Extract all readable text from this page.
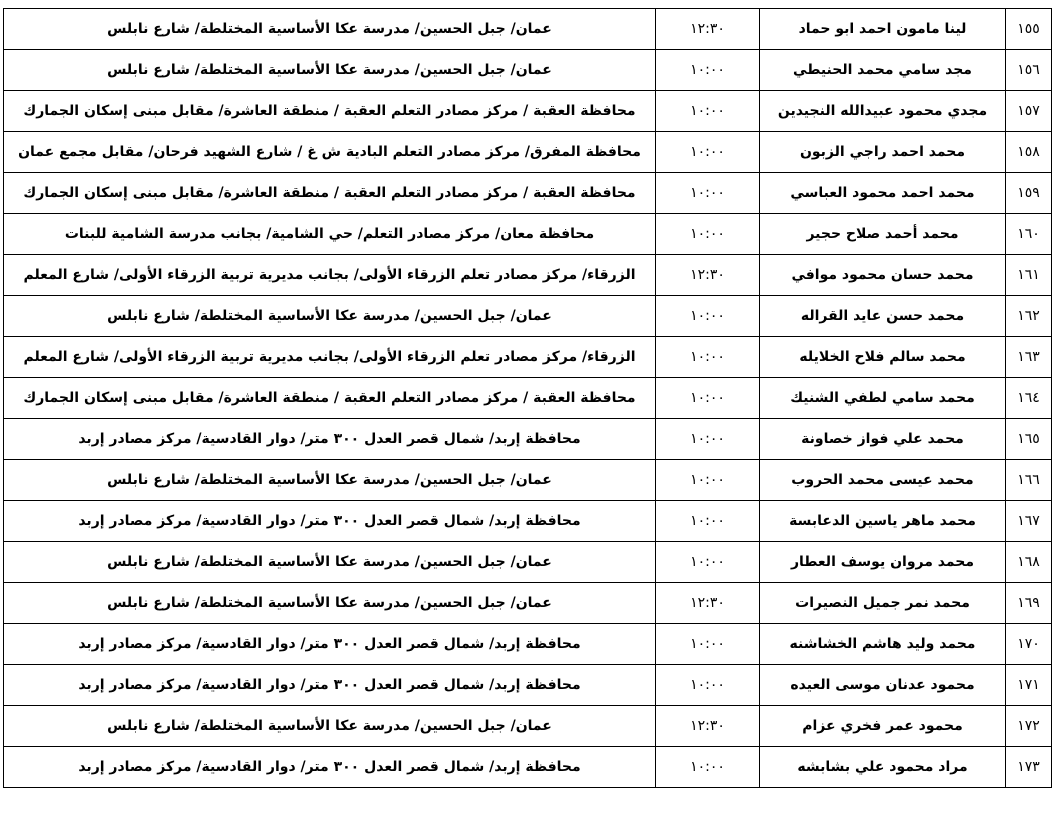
١٥٥	لينا مامون احمد ابو حماد	١٢:٣٠	عمان/ جبل الحسين/ مدرسة عكا الأساسية المختلطة/ شارع نابلس
١٥٦	مجد سامي محمد الحنيطي	١٠:٠٠	عمان/ جبل الحسين/ مدرسة عكا الأساسية المختلطة/ شارع نابلس
١٥٧	مجدي محمود عبيدالله النجيدين	١٠:٠٠	محافظة العقبة / مركز مصادر التعلم العقبة / منطقة العاشرة/ مقابل مبنى إسكان الجمارك
١٥٨	محمد احمد راجي الزبون	١٠:٠٠	محافظة المفرق/ مركز مصادر التعلم البادية ش غ / شارع الشهيد فرحان/ مقابل مجمع عمان
١٥٩	محمد احمد محمود العباسي	١٠:٠٠	محافظة العقبة / مركز مصادر التعلم العقبة / منطقة العاشرة/ مقابل مبنى إسكان الجمارك
١٦٠	محمد أحمد صلاح حجير	١٠:٠٠	محافظة معان/ مركز مصادر التعلم/ حي الشامية/ بجانب مدرسة الشامية للبنات
١٦١	محمد حسان محمود موافي	١٢:٣٠	الزرقاء/ مركز مصادر تعلم الزرقاء الأولى/ بجانب مديرية تربية الزرقاء الأولى/ شارع المعلم
١٦٢	محمد حسن عايد القراله	١٠:٠٠	عمان/ جبل الحسين/ مدرسة عكا الأساسية المختلطة/ شارع نابلس
١٦٣	محمد سالم فلاح الخلايله	١٠:٠٠	الزرقاء/ مركز مصادر تعلم الزرقاء الأولى/ بجانب مديرية تربية الزرقاء الأولى/ شارع المعلم
١٦٤	محمد سامي لطفي الشنيك	١٠:٠٠	محافظة العقبة / مركز مصادر التعلم العقبة / منطقة العاشرة/ مقابل مبنى إسكان الجمارك
١٦٥	محمد علي فواز خصاونة	١٠:٠٠	محافظة إربد/ شمال قصر العدل ٣٠٠ متر/ دوار القادسية/ مركز مصادر إربد
١٦٦	محمد عيسى محمد الحروب	١٠:٠٠	عمان/ جبل الحسين/ مدرسة عكا الأساسية المختلطة/ شارع نابلس
١٦٧	محمد ماهر ياسين الدعابسة	١٠:٠٠	محافظة إربد/ شمال قصر العدل ٣٠٠ متر/ دوار القادسية/ مركز مصادر إربد
١٦٨	محمد مروان يوسف العطار	١٠:٠٠	عمان/ جبل الحسين/ مدرسة عكا الأساسية المختلطة/ شارع نابلس
١٦٩	محمد نمر جميل النصيرات	١٢:٣٠	عمان/ جبل الحسين/ مدرسة عكا الأساسية المختلطة/ شارع نابلس
١٧٠	محمد وليد هاشم الخشاشنه	١٠:٠٠	محافظة إربد/ شمال قصر العدل ٣٠٠ متر/ دوار القادسية/ مركز مصادر إربد
١٧١	محمود عدنان موسى العيده	١٠:٠٠	محافظة إربد/ شمال قصر العدل ٣٠٠ متر/ دوار القادسية/ مركز مصادر إربد
١٧٢	محمود عمر فخري عزام	١٢:٣٠	عمان/ جبل الحسين/ مدرسة عكا الأساسية المختلطة/ شارع نابلس
١٧٣	مراد محمود علي بشابشه	١٠:٠٠	محافظة إربد/ شمال قصر العدل ٣٠٠ متر/ دوار القادسية/ مركز مصادر إربد
